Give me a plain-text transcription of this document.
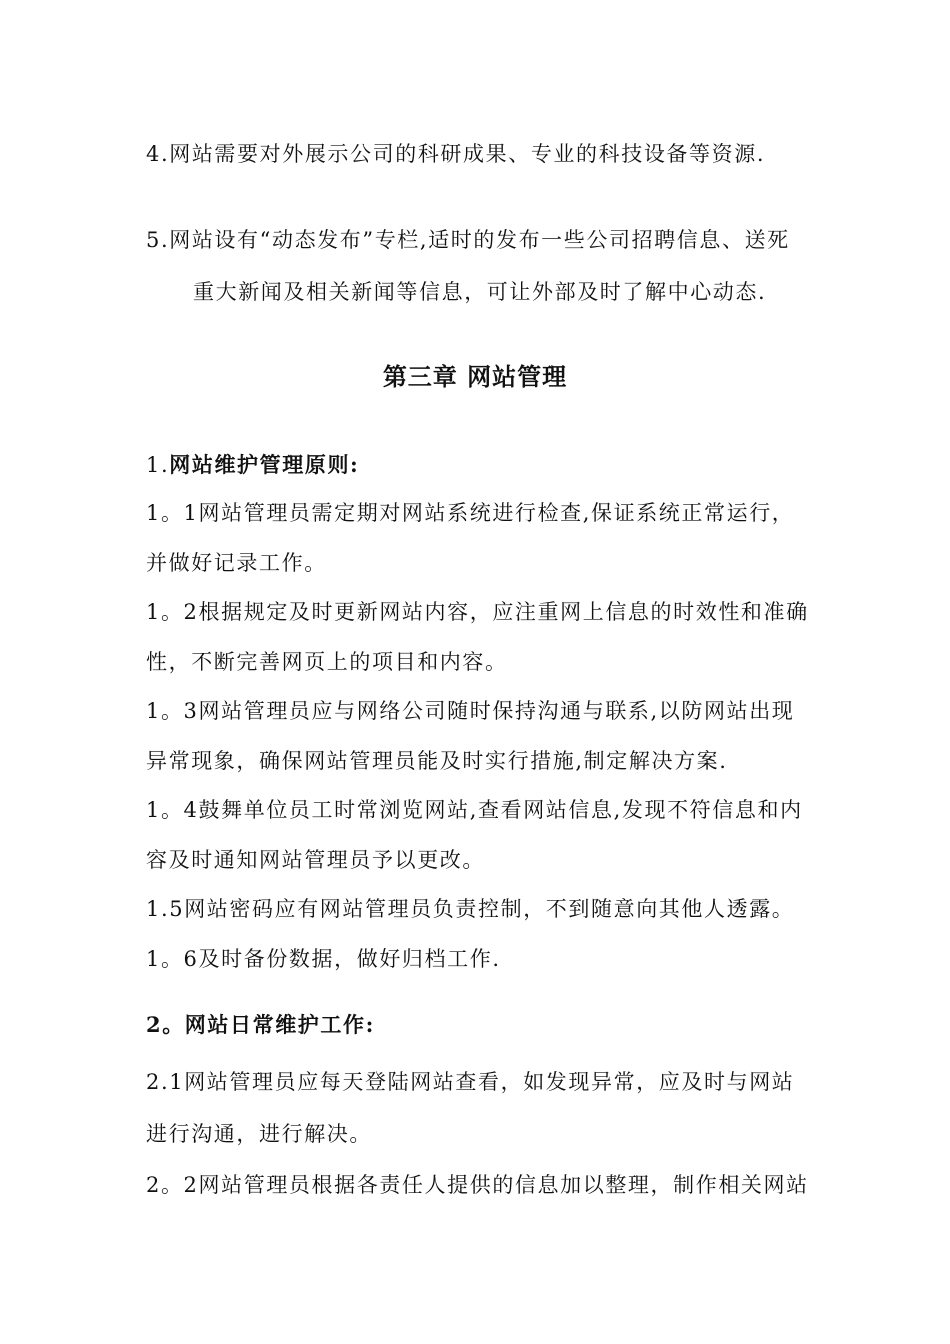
4.网站需要对外展示公司的科研成果、专业的科技设备等资源.
5.网站设有“动态发布”专栏,适时的发布一些公司招聘信息、送死
重大新闻及相关新闻等信息，可让外部及时了解中心动态.
第三章 网站管理
1.网站维护管理原则:
1。1网站管理员需定期对网站系统进行检查,保证系统正常运行，
并做好记录工作。
1。2根据规定及时更新网站内容，应注重网上信息的时效性和准确
性，不断完善网页上的项目和内容。
1。3网站管理员应与网络公司随时保持沟通与联系,以防网站出现
异常现象，确保网站管理员能及时实行措施,制定解决方案.
1。4鼓舞单位员工时常浏览网站,查看网站信息,发现不符信息和内
容及时通知网站管理员予以更改。
1.5网站密码应有网站管理员负责控制，不到随意向其他人透露。
1。6及时备份数据，做好归档工作.
2。网站日常维护工作:
2.1网站管理员应每天登陆网站查看，如发现异常，应及时与网站
进行沟通，进行解决。
2。2网站管理员根据各责任人提供的信息加以整理，制作相关网站
